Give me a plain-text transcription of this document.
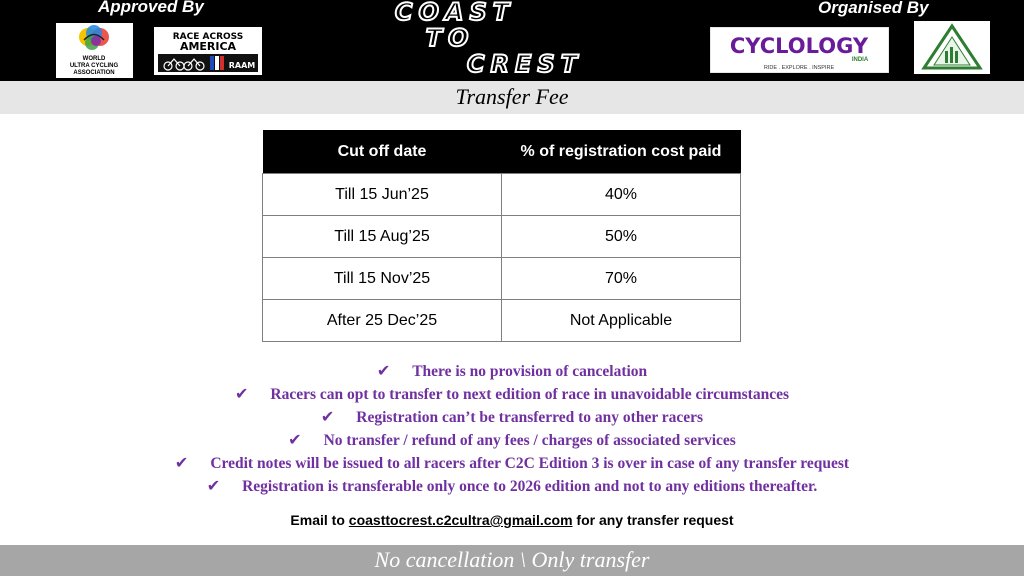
Approved By	Organised By
WORLD
ULTRA CYCLING
ASSOCIATION
RACE ACROSS
AMERICA
RAAM
COAST
TO
CREST
CYCLOLOGY
INDIA
RIDE . EXPLORE . INSPIRE
Transfer Fee
Cut off date	% of registration cost paid
Till 15 Jun’25	40%
Till 15 Aug’25	50%
Till 15 Nov’25	70%
After 25 Dec’25	Not Applicable
✔ There is no provision of cancelation
✔ Racers can opt to transfer to next edition of race in unavoidable circumstances
✔ Registration can’t be transferred to any other racers
✔ No transfer / refund of any fees / charges of associated services
✔ Credit notes will be issued to all racers after C2C Edition 3 is over in case of any transfer request
✔ Registration is transferable only once to 2026 edition and not to any editions thereafter.
Email to coasttocrest.c2cultra@gmail.com for any transfer request
No cancellation \ Only transfer
